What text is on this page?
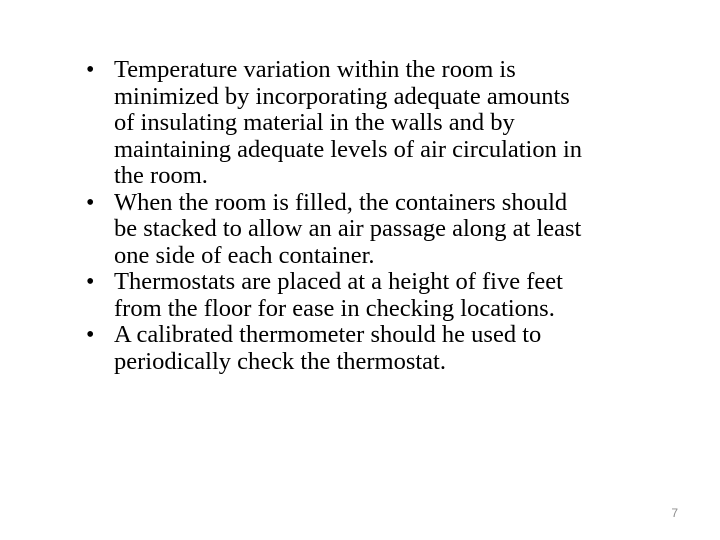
• Temperature variation within the room is
minimized by incorporating adequate amounts
of insulating material in the walls and by
maintaining adequate levels of air circulation in
the room.
• When the room is filled, the containers should
be stacked to allow an air passage along at least
one side of each container.
• Thermostats are placed at a height of five feet
from the floor for ease in checking locations.
• A calibrated thermometer should he used to
periodically check the thermostat.
7
